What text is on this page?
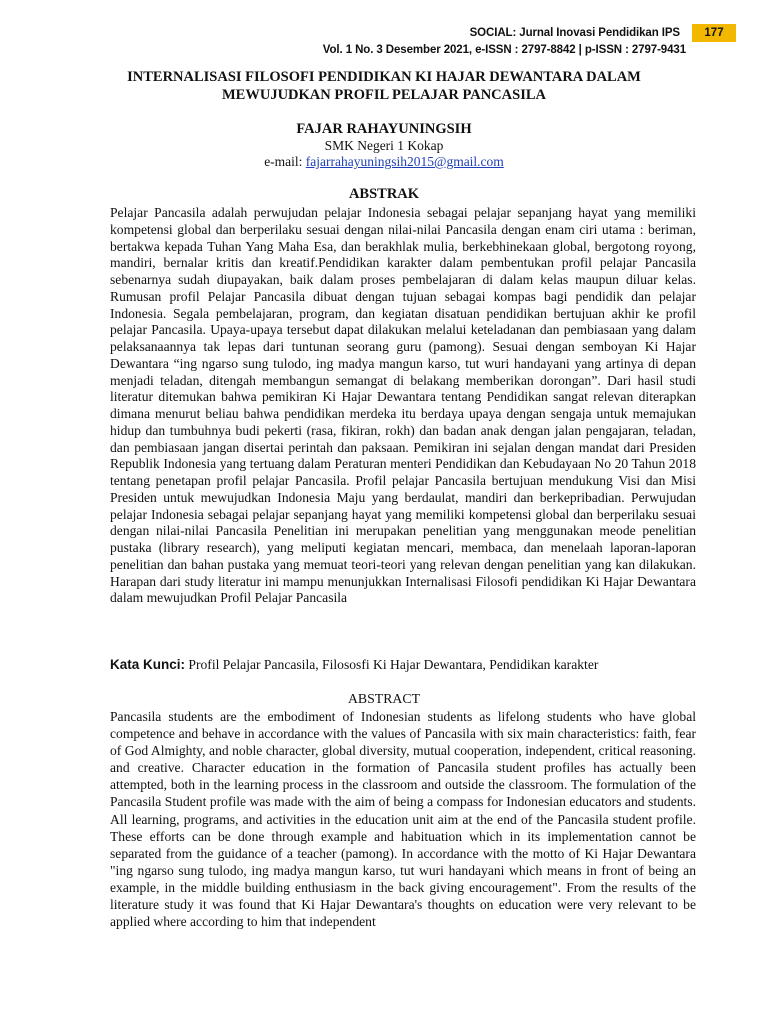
SOCIAL: Jurnal Inovasi Pendidikan IPS	177
Vol. 1 No. 3 Desember 2021, e-ISSN : 2797-8842 | p-ISSN : 2797-9431
INTERNALISASI FILOSOFI PENDIDIKAN KI HAJAR DEWANTARA DALAM
MEWUJUDKAN PROFIL PELAJAR PANCASILA
FAJAR RAHAYUNINGSIH
SMK Negeri 1 Kokap
e-mail: fajarrahayuningsih2015@gmail.com
ABSTRAK

Pelajar Pancasila adalah perwujudan pelajar Indonesia sebagai pelajar sepanjang hayat yang memiliki kompetensi global dan berperilaku sesuai dengan nilai-nilai Pancasila dengan enam ciri utama : beriman, bertakwa kepada Tuhan Yang Maha Esa, dan berakhlak mulia, berkebhinekaan global, bergotong royong, mandiri, bernalar kritis dan kreatif.Pendidikan karakter dalam pembentukan profil pelajar Pancasila sebenarnya sudah diupayakan, baik dalam proses pembelajaran di dalam kelas maupun diluar kelas. Rumusan profil Pelajar Pancasila dibuat dengan tujuan sebagai kompas bagi pendidik dan pelajar Indonesia. Segala pembelajaran, program, dan kegiatan disatuan pendidikan bertujuan akhir ke profil pelajar Pancasila. Upaya-upaya tersebut dapat dilakukan melalui keteladanan dan pembiasaan yang dalam pelaksanaannya tak lepas dari tuntunan seorang guru (pamong). Sesuai dengan semboyan Ki Hajar Dewantara “ing ngarso sung tulodo, ing madya mangun karso, tut wuri handayani yang artinya di depan menjadi teladan, ditengah membangun semangat di belakang memberikan dorongan”. Dari hasil studi literatur ditemukan bahwa pemikiran Ki Hajar Dewantara tentang Pendidikan sangat relevan diterapkan dimana menurut beliau bahwa pendidikan merdeka itu berdaya upaya dengan sengaja untuk memajukan hidup dan tumbuhnya budi pekerti (rasa, fikiran, rokh) dan badan anak dengan jalan pengajaran, teladan, dan pembiasaan jangan disertai perintah dan paksaan. Pemikiran ini sejalan dengan mandat dari Presiden Republik Indonesia yang tertuang dalam Peraturan menteri Pendidikan dan Kebudayaan No 20 Tahun 2018 tentang penetapan profil pelajar Pancasila. Profil pelajar Pancasila bertujuan mendukung Visi dan Misi Presiden untuk mewujudkan Indonesia Maju yang berdaulat, mandiri dan berkepribadian. Perwujudan pelajar Indonesia sebagai pelajar sepanjang hayat yang memiliki kompetensi global dan berperilaku sesuai dengan nilai-nilai Pancasila Penelitian ini merupakan penelitian yang menggunakan meode penelitian pustaka (library research), yang meliputi kegiatan mencari, membaca, dan menelaah laporan-laporan penelitian dan bahan pustaka yang memuat teori-teori yang relevan dengan penelitian yang kan dilakukan. Harapan dari study literatur ini mampu menunjukkan Internalisasi Filosofi pendidikan Ki Hajar Dewantara dalam mewujudkan Profil Pelajar Pancasila

Kata Kunci: Profil Pelajar Pancasila, Filososfi Ki Hajar Dewantara, Pendidikan karakter
ABSTRACT

Pancasila students are the embodiment of Indonesian students as lifelong students who have global competence and behave in accordance with the values of Pancasila with six main characteristics: faith, fear of God Almighty, and noble character, global diversity, mutual cooperation, independent, critical reasoning. and creative. Character education in the formation of Pancasila student profiles has actually been attempted, both in the learning process in the classroom and outside the classroom. The formulation of the Pancasila Student profile was made with the aim of being a compass for Indonesian educators and students. All learning, programs, and activities in the education unit aim at the end of the Pancasila student profile. These efforts can be done through example and habituation which in its implementation cannot be separated from the guidance of a teacher (pamong). In accordance with the motto of Ki Hajar Dewantara "ing ngarso sung tulodo, ing madya mangun karso, tut wuri handayani which means in front of being an example, in the middle building enthusiasm in the back giving encouragement". From the results of the literature study it was found that Ki Hajar Dewantara's thoughts on education were very relevant to be applied where according to him that independent
